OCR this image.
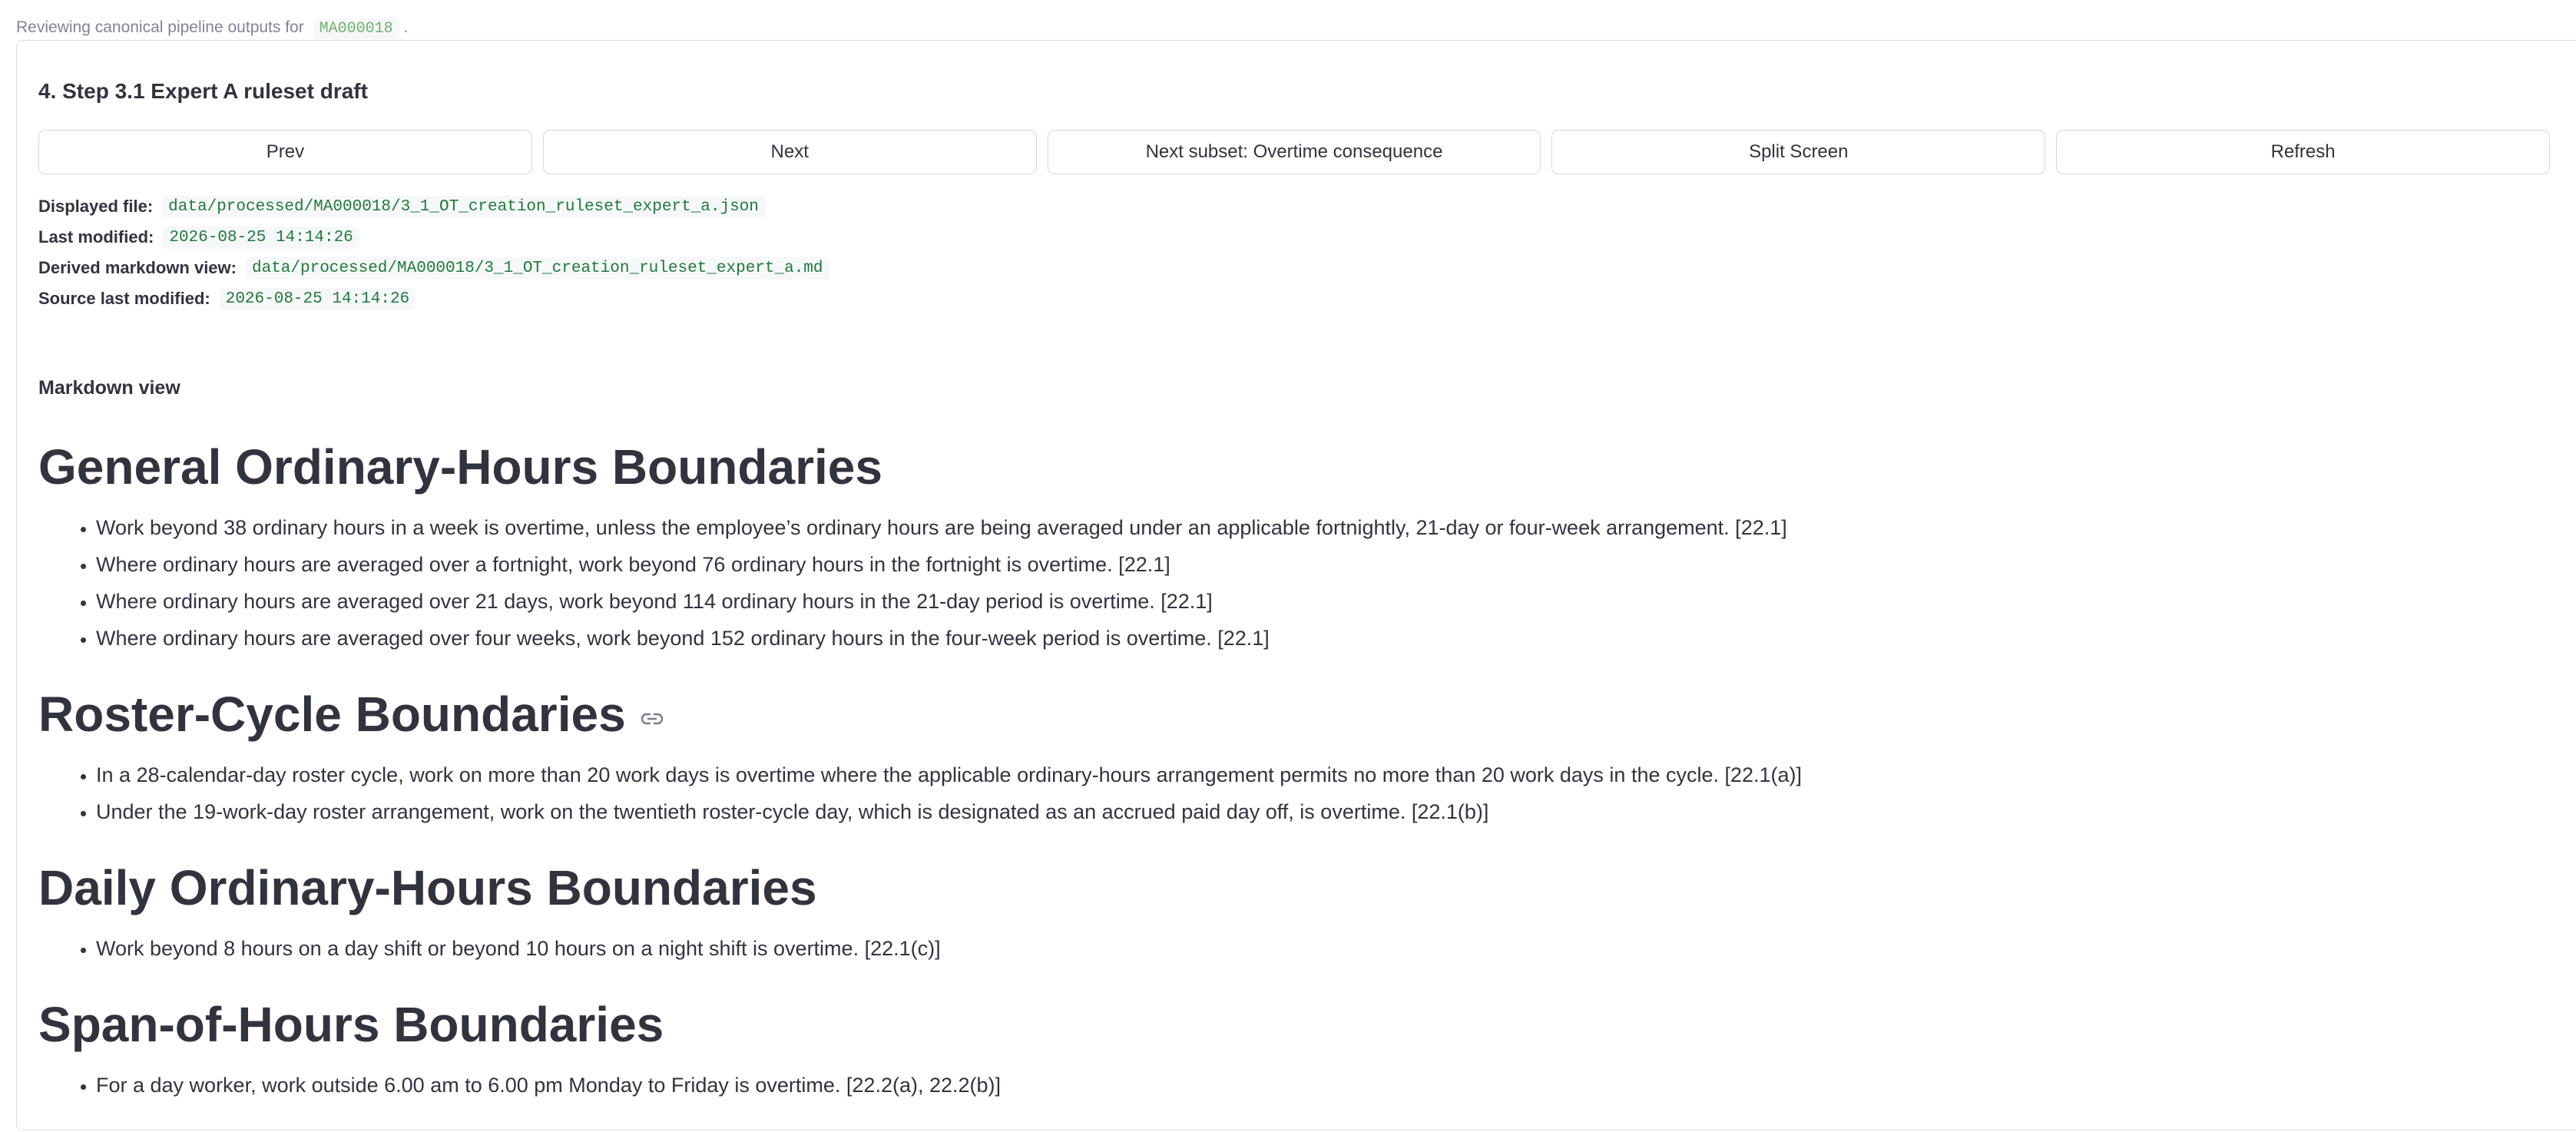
Reviewing canonical pipeline outputs for MA000018 .
4. Step 3.1 Expert A ruleset draft
Prev	Next	Next subset: Overtime consequence	Split Screen	Refresh
Displayed file: data/processed/MA000018/3_1_OT_creation_ruleset_expert_a.json
Last modified: 2026-08-25 14:14:26
Derived markdown view: data/processed/MA000018/3_1_OT_creation_ruleset_expert_a.md
Source last modified: 2026-08-25 14:14:26
Markdown view
General Ordinary-Hours Boundaries
• Work beyond 38 ordinary hours in a week is overtime, unless the employee’s ordinary hours are being averaged under an applicable fortnightly, 21-day or four-week arrangement. [22.1]
• Where ordinary hours are averaged over a fortnight, work beyond 76 ordinary hours in the fortnight is overtime. [22.1]
• Where ordinary hours are averaged over 21 days, work beyond 114 ordinary hours in the 21-day period is overtime. [22.1]
• Where ordinary hours are averaged over four weeks, work beyond 152 ordinary hours in the four-week period is overtime. [22.1]
Roster-Cycle Boundaries
• In a 28-calendar-day roster cycle, work on more than 20 work days is overtime where the applicable ordinary-hours arrangement permits no more than 20 work days in the cycle. [22.1(a)]
• Under the 19-work-day roster arrangement, work on the twentieth roster-cycle day, which is designated as an accrued paid day off, is overtime. [22.1(b)]
Daily Ordinary-Hours Boundaries
• Work beyond 8 hours on a day shift or beyond 10 hours on a night shift is overtime. [22.1(c)]
Span-of-Hours Boundaries
• For a day worker, work outside 6.00 am to 6.00 pm Monday to Friday is overtime. [22.2(a), 22.2(b)]
